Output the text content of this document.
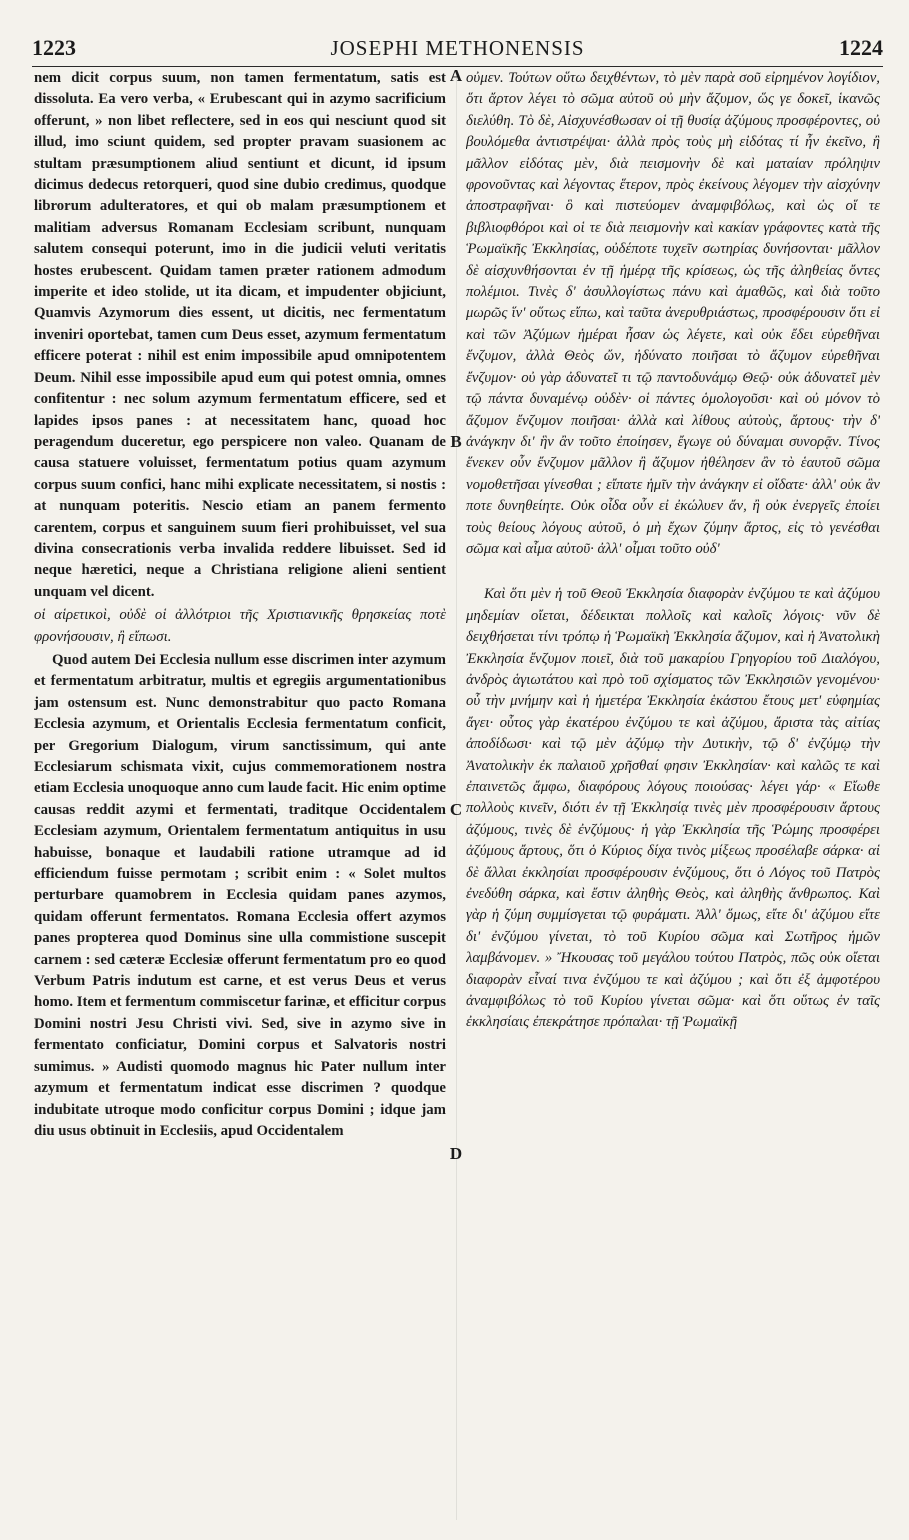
1223	JOSEPHI METHONENSIS	1224

nem dicit corpus suum, non tamen fermentatum, satis est dissoluta. Ea vero verba, « Erubescant qui in azymo sacrificium offerunt, » non libet reflectere, sed in eos qui nesciunt quod sit illud, imo sciunt quidem, sed propter pravam suasionem ac stultam præsumptionem aliud sentiunt et dicunt, id ipsum dicimus dedecus retorqueri, quod sine dubio credimus, quodque librorum adulteratores, et qui ob malam præsumptionem et malitiam adversus Romanam Ecclesiam scribunt, nunquam salutem consequi poterunt, imo in die judicii veluti veritatis hostes erubescent. Quidam tamen præter rationem admodum imperite et ideo stolide, ut ita dicam, et impudenter objiciunt, Quamvis Azymorum dies essent, ut dicitis, nec fermentatum inveniri oportebat, tamen cum Deus esset, azymum fermentatum efficere poterat : nihil est enim impossibile apud omnipotentem Deum. Nihil esse impossibile apud eum qui potest omnia, omnes confitentur : nec solum azymum fermentatum efficere, sed et lapides ipsos panes : at necessitatem hanc, quoad hoc peragendum duceretur, ego perspicere non valeo. Quanam de causa statuere voluisset, fermentatum potius quam azymum corpus suum confici, hanc mihi explicate necessitatem, si nostis : at nunquam poteritis. Nescio etiam an panem fermento carentem, corpus et sanguinem suum fieri prohibuisset, vel sua divina consecrationis verba invalida reddere libuisset. Sed id neque hæretici, neque a Christiana religione alieni sentient unquam vel dicent.

οἱ αἱρετικοὶ, οὐδὲ οἱ ἀλλότριοι τῆς Χριστιανικῆς θρησκείας ποτὲ φρονήσουσιν, ἢ εἴπωσι.

Quod autem Dei Ecclesia nullum esse discrimen inter azymum et fermentatum arbitratur, multis et egregiis argumentationibus jam ostensum est. Nunc demonstrabitur quo pacto Romana Ecclesia azymum, et Orientalis Ecclesia fermentatum conficit, per Gregorium Dialogum, virum sanctissimum, qui ante Ecclesiarum schismata vixit, cujus commemorationem nostra etiam Ecclesia unoquoque anno cum laude facit. Hic enim optime causas reddit azymi et fermentati, traditque Occidentalem Ecclesiam azymum, Orientalem fermentatum antiquitus in usu habuisse, bonaque et laudabili ratione utramque ad id efficiendum fuisse permotam ; scribit enim : « Solet multos perturbare quamobrem in Ecclesia quidam panes azymos, quidam offerunt fermentatos. Romana Ecclesia offert azymos panes propterea quod Dominus sine ulla commistione suscepit carnem : sed cæteræ Ecclesiæ offerunt fermentatum pro eo quod Verbum Patris indutum est carne, et est verus Deus et verus homo. Item et fermentum commiscetur farinæ, et efficitur corpus Domini nostri Jesu Christi vivi. Sed, sive in azymo sive in fermentato conficiatur, Domini corpus et Salvatoris nostri sumimus. » Audisti quomodo magnus hic Pater nullum inter azymum et fermentatum indicat esse discrimen ? quodque indubitate utroque modo conficitur corpus Domini ; idque jam diu usus obtinuit in Ecclesiis, apud Occidentalem

A
B
C
D

οὐμεν. Τούτων οὕτω δειχθέντων, τὸ μὲν παρὰ σοῦ εἰρημένον λογίδιον, ὅτι ἄρτον λέγει τὸ σῶμα αὐτοῦ οὐ μὴν ἄζυμον, ὥς γε δοκεῖ, ἱκανῶς διελύθη. Τὸ δὲ, Αἰσχυνέσθωσαν οἱ τῇ θυσίᾳ ἀζύμους προσφέροντες, οὐ βουλόμεθα ἀντιστρέψαι· ἀλλὰ πρὸς τοὺς μὴ εἰδότας τί ἦν ἐκεῖνο, ἢ μᾶλλον εἰδότας μὲν, διὰ πεισμονὴν δὲ καὶ ματαίαν πρόληψιν φρονοῦντας καὶ λέγοντας ἕτερον, πρὸς ἐκείνους λέγομεν τὴν αἰσχύνην ἀποστραφῆναι· ὃ καὶ πιστεύομεν ἀναμφιβόλως, καὶ ὡς οἵ τε βιβλιοφθόροι καὶ οἱ τε διὰ πεισμονὴν καὶ κακίαν γράφοντες κατὰ τῆς Ῥωμαϊκῆς Ἐκκλησίας, οὐδέποτε τυχεῖν σωτηρίας δυνήσονται· μᾶλλον δὲ αἰσχυνθήσονται ἐν τῇ ἡμέρᾳ τῆς κρίσεως, ὡς τῆς ἀληθείας ὄντες πολέμιοι. Τινὲς δ' ἀσυλλογίστως πάνυ καὶ ἀμαθῶς, καὶ διὰ τοῦτο μωρῶς ἵν' οὕτως εἴπω, καὶ ταῦτα ἀνερυθριάστως, προσφέρουσιν ὅτι εἰ καὶ τῶν Ἀζύμων ἡμέραι ἦσαν ὡς λέγετε, καὶ οὐκ ἔδει εὑρεθῆναι ἔνζυμον, ἀλλὰ Θεὸς ὤν, ἠδύνατο ποιῆσαι τὸ ἄζυμον εὑρεθῆναι ἔνζυμον· οὐ γὰρ ἀδυνατεῖ τι τῷ παντοδυνάμῳ Θεῷ· οὐκ ἀδυνατεῖ μὲν τῷ πάντα δυναμένῳ οὐδὲν· οἱ πάντες ὁμολογοῦσι· καὶ οὐ μόνον τὸ ἄζυμον ἔνζυμον ποιῆσαι· ἀλλὰ καὶ λίθους αὐτοὺς, ἄρτους· τὴν δ' ἀνάγκην δι' ἣν ἂν τοῦτο ἐποίησεν, ἔγωγε οὐ δύναμαι συνορᾷν. Τίνος ἕνεκεν οὖν ἔνζυμον μᾶλλον ἢ ἄζυμον ἠθέλησεν ἂν τὸ ἑαυτοῦ σῶμα νομοθετῆσαι γίνεσθαι ; εἴπατε ἡμῖν τὴν ἀνάγκην εἰ οἴδατε· ἀλλ' οὐκ ἂν ποτε δυνηθείητε. Οὐκ οἶδα οὖν εἰ ἐκώλυεν ἄν, ἢ οὐκ ἐνεργεῖς ἐποίει τοὺς θείους λόγους αὐτοῦ, ὁ μὴ ἔχων ζύμην ἄρτος, εἰς τὸ γενέσθαι σῶμα καὶ αἷμα αὐτοῦ· ἀλλ' οἶμαι τοῦτο οὐδ'

Καὶ ὅτι μὲν ἡ τοῦ Θεοῦ Ἐκκλησία διαφορὰν ἐνζύμου τε καὶ ἀζύμου μηδεμίαν οἴεται, δέδεικται πολλοῖς καὶ καλοῖς λόγοις· νῦν δὲ δειχθήσεται τίνι τρόπῳ ἡ Ῥωμαϊκὴ Ἐκκλησία ἄζυμον, καὶ ἡ Ἀνατολικὴ Ἐκκλησία ἔνζυμον ποιεῖ, διὰ τοῦ μακαρίου Γρηγορίου τοῦ Διαλόγου, ἀνδρὸς ἁγιωτάτου καὶ πρὸ τοῦ σχίσματος τῶν Ἐκκλησιῶν γενομένου· οὗ τὴν μνήμην καὶ ἡ ἡμετέρα Ἐκκλησία ἑκάστου ἔτους μετ' εὐφημίας ἄγει· οὗτος γὰρ ἑκατέρου ἐνζύμου τε καὶ ἀζύμου, ἄριστα τὰς αἰτίας ἀποδίδωσι· καὶ τῷ μὲν ἀζύμῳ τὴν Δυτικὴν, τῷ δ' ἐνζύμῳ τὴν Ἀνατολικὴν ἐκ παλαιοῦ χρῆσθαί φησιν Ἐκκλησίαν· καὶ καλῶς τε καὶ ἐπαινετῶς ἄμφω, διαφόρους λόγους ποιούσας· λέγει γάρ· « Εἴωθε πολλοὺς κινεῖν, διότι ἐν τῇ Ἐκκλησίᾳ τινὲς μὲν προσφέρουσιν ἄρτους ἀζύμους, τινὲς δὲ ἐνζύμους· ἡ γὰρ Ἐκκλησία τῆς Ῥώμης προσφέρει ἀζύμους ἄρτους, ὅτι ὁ Κύριος δίχα τινὸς μίξεως προσέλαβε σάρκα· αἱ δὲ ἄλλαι ἐκκλησίαι προσφέρουσιν ἐνζύμους, ὅτι ὁ Λόγος τοῦ Πατρὸς ἐνεδύθη σάρκα, καὶ ἔστιν ἀληθὴς Θεὸς, καὶ ἀληθὴς ἄνθρωπος. Καὶ γὰρ ἡ ζύμη συμμίσγεται τῷ φυράματι. Ἀλλ' ὅμως, εἴτε δι' ἀζύμου εἴτε δι' ἐνζύμου γίνεται, τὸ τοῦ Κυρίου σῶμα καὶ Σωτῆρος ἡμῶν λαμβάνομεν. » Ἤκουσας τοῦ μεγάλου τούτου Πατρὸς, πῶς οὐκ οἴεται διαφορὰν εἶναί τινα ἐνζύμου τε καὶ ἀζύμου ; καὶ ὅτι ἐξ ἀμφοτέρου ἀναμφιβόλως τὸ τοῦ Κυρίου γίνεται σῶμα· καὶ ὅτι οὕτως ἐν ταῖς ἐκκλησίαις ἐπεκράτησε πρόπαλαι· τῇ Ῥωμαϊκῇ
